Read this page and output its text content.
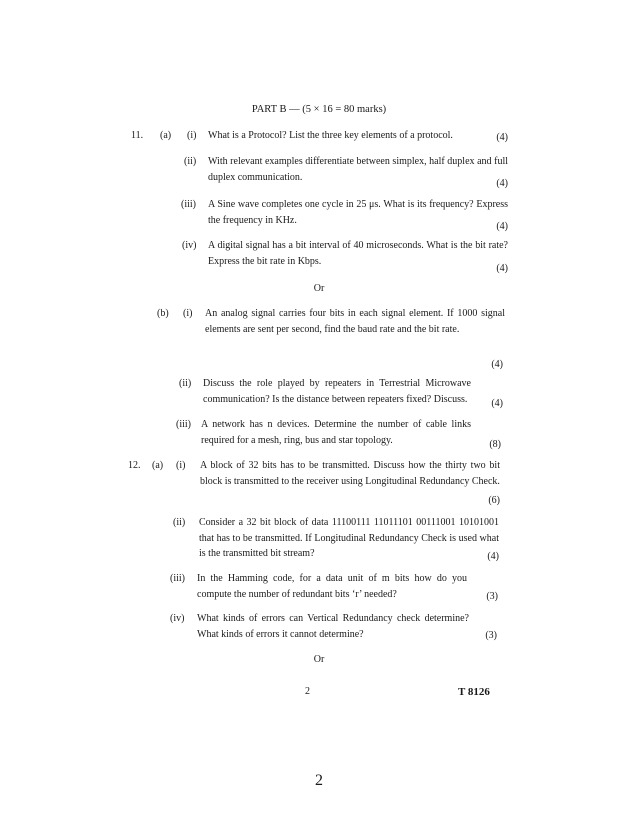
PART B — (5 × 16 = 80 marks)
11. (a) (i) What is a Protocol? List the three key elements of a protocol.	(4)
(ii) With relevant examples differentiate between simplex, half duplex and full duplex communication.
(4)
(iii) A Sine wave completes one cycle in 25 μs. What is its frequency? Express the frequency in KHz.
(4)
(iv) A digital signal has a bit interval of 40 microseconds. What is the bit rate? Express the bit rate in Kbps.
(4)
Or
(b) (i) An analog signal carries four bits in each signal element. If 1000 signal elements are sent per second, find the baud rate and the bit rate.
(4)
(ii) Discuss the role played by repeaters in Terrestrial Microwave communication? Is the distance between repeaters fixed? Discuss.	(4)
(iii) A network has n devices. Determine the number of cable links required for a mesh, ring, bus and star topology.	(8)
12. (a) (i) A block of 32 bits has to be transmitted. Discuss how the thirty two bit block is transmitted to the receiver using Longitudinal Redundancy Check.
(6)
(ii) Consider a 32 bit block of data 11100111 11011101 00111001 10101001 that has to be transmitted. If Longitudinal Redundancy Check is used what is the transmitted bit stream?	(4)
(iii) In the Hamming code, for a data unit of m bits how do you compute the number of redundant bits ‘r’ needed?	(3)
(iv) What kinds of errors can Vertical Redundancy check determine? What kinds of errors it cannot determine?	(3)
Or
2	T 8126
2
